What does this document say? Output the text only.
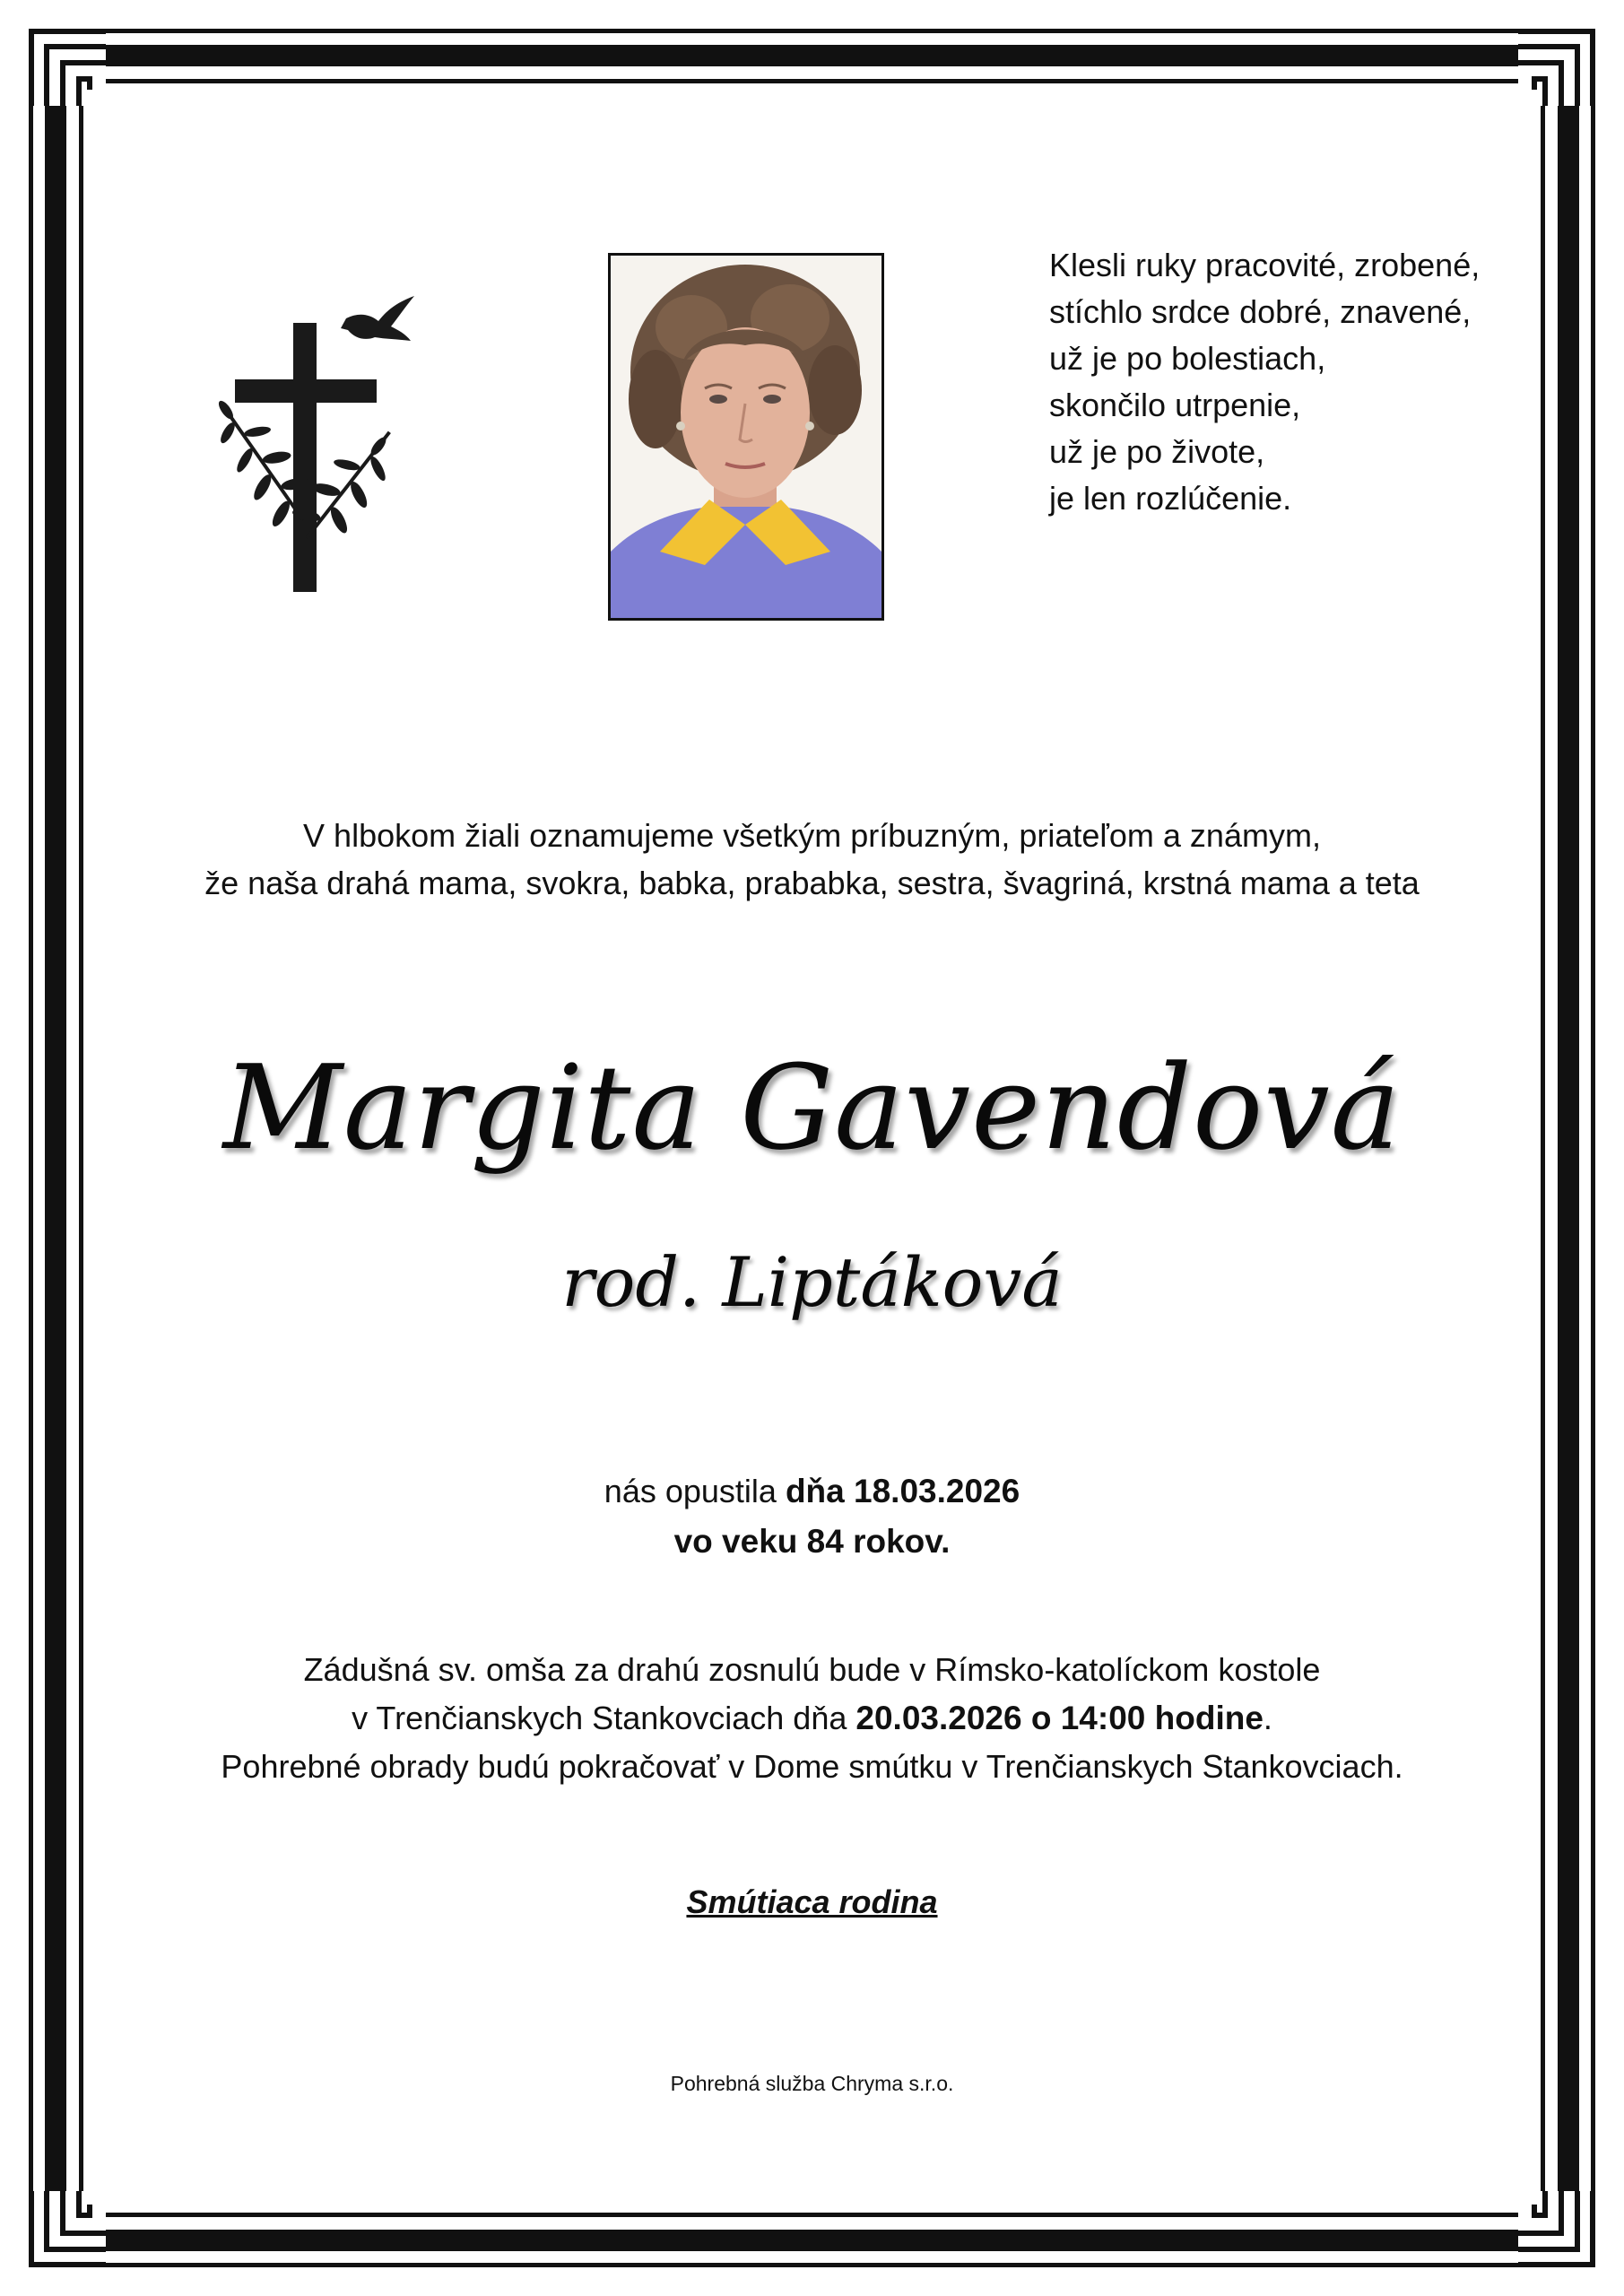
Klesli ruky pracovité, zrobené,
stíchlo srdce dobré, znavené,
už je po bolestiach,
skončilo utrpenie,
už je po živote,
je len rozlúčenie.
V hlbokom žiali oznamujeme všetkým príbuzným, priateľom a známym,
že naša drahá mama, svokra, babka, prababka, sestra, švagriná, krstná mama a teta
Margita Gavendová
rod. Liptáková
nás opustila dňa 18.03.2026
vo veku 84 rokov.
Zádušná sv. omša za drahú zosnulú bude v Rímsko-katolíckom kostole
v Trenčianskych Stankovciach dňa 20.03.2026 o 14:00 hodine.
Pohrebné obrady budú pokračovať v Dome smútku v Trenčianskych Stankovciach.
Smútiaca rodina
Pohrebná služba Chryma s.r.o.
